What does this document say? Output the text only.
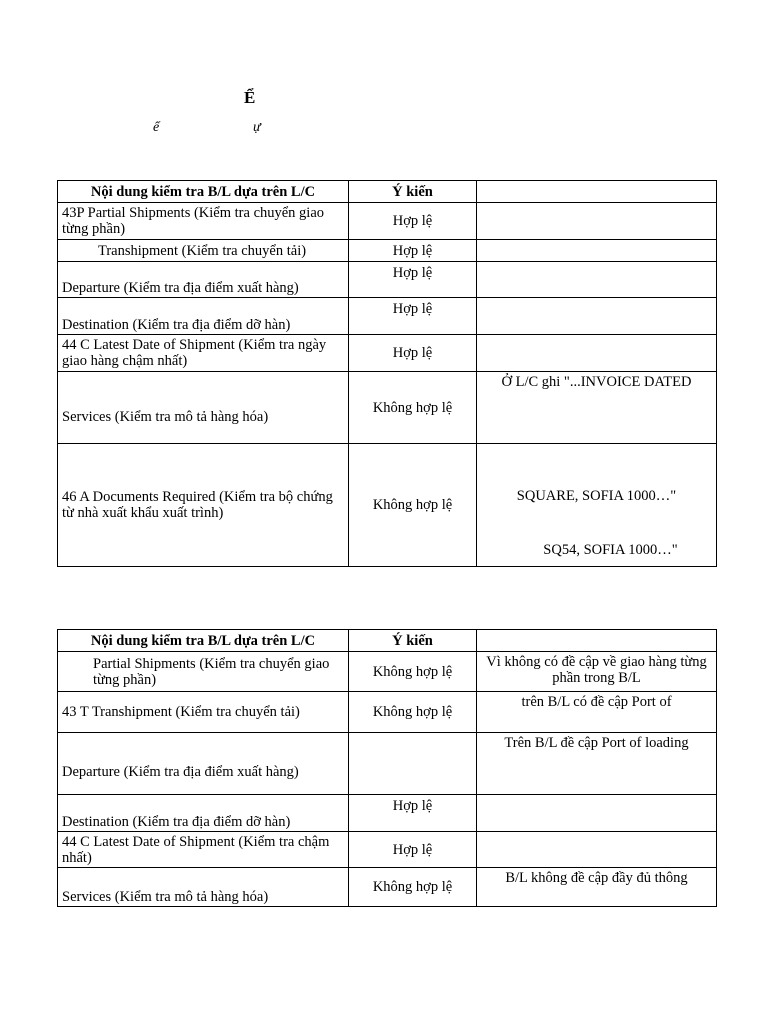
Ể
ể	ự
Nội dung kiểm tra B/L dựa trên L/C	Ý kiến	
43P Partial Shipments (Kiểm tra chuyển giao từng phần)	Hợp lệ	
Transhipment (Kiểm tra chuyển tải)	Hợp lệ	
Departure (Kiểm tra địa điểm xuất hàng)	Hợp lệ	
Destination (Kiểm tra địa điểm dỡ hàn)	Hợp lệ	
44 C Latest Date of Shipment (Kiểm tra ngày giao hàng chậm nhất)	Hợp lệ	
Services (Kiểm tra mô tả hàng hóa)	Không hợp lệ	Ở L/C ghi "...INVOICE DATED
46 A Documents Required (Kiểm tra bộ chứng từ nhà xuất khẩu xuất trình)	Không hợp lệ	SQUARE, SOFIA 1000…"
SQ54, SOFIA 1000…"
Nội dung kiểm tra B/L dựa trên L/C	Ý kiến	
Partial Shipments (Kiểm tra chuyển giao từng phần)	Không hợp lệ	Vì không có đề cập về giao hàng từng phần trong B/L
43 T Transhipment (Kiểm tra chuyển tải)	Không hợp lệ	trên B/L có đề cập Port of
Departure (Kiểm tra địa điểm xuất hàng)		Trên B/L đề cập Port of loading
Destination (Kiểm tra địa điểm dỡ hàn)	Hợp lệ	
44 C Latest Date of Shipment (Kiểm tra chậm nhất)	Hợp lệ	
Services (Kiểm tra mô tả hàng hóa)	Không hợp lệ	B/L không đề cập đầy đủ thông
